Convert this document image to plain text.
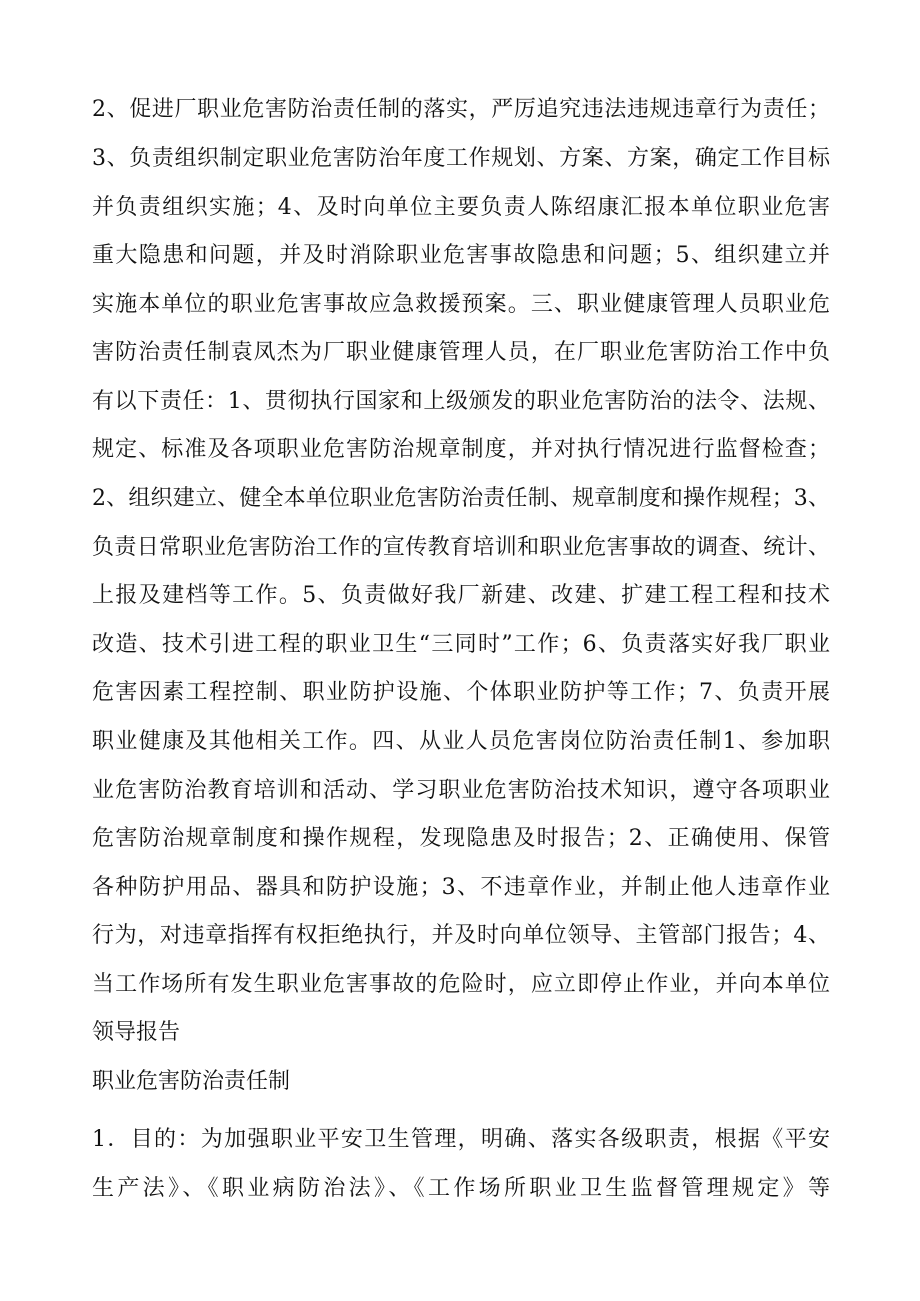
2、促进厂职业危害防治责任制的落实，严厉追究违法违规违章行为责任；

3、负责组织制定职业危害防治年度工作规划、方案、方案，确定工作目标

并负责组织实施；4、及时向单位主要负责人陈绍康汇报本单位职业危害

重大隐患和问题，并及时消除职业危害事故隐患和问题；5、组织建立并

实施本单位的职业危害事故应急救援预案。三、职业健康管理人员职业危

害防治责任制袁凤杰为厂职业健康管理人员，在厂职业危害防治工作中负

有以下责任：1、贯彻执行国家和上级颁发的职业危害防治的法令、法规、

规定、标准及各项职业危害防治规章制度，并对执行情况进行监督检查；

2、组织建立、健全本单位职业危害防治责任制、规章制度和操作规程；3、

负责日常职业危害防治工作的宣传教育培训和职业危害事故的调查、统计、

上报及建档等工作。5、负责做好我厂新建、改建、扩建工程工程和技术

改造、技术引进工程的职业卫生“三同时”工作；6、负责落实好我厂职业

危害因素工程控制、职业防护设施、个体职业防护等工作；7、负责开展

职业健康及其他相关工作。四、从业人员危害岗位防治责任制1、参加职

业危害防治教育培训和活动、学习职业危害防治技术知识，遵守各项职业

危害防治规章制度和操作规程，发现隐患及时报告；2、正确使用、保管

各种防护用品、器具和防护设施；3、不违章作业，并制止他人违章作业

行为，对违章指挥有权拒绝执行，并及时向单位领导、主管部门报告；4、

当工作场所有发生职业危害事故的危险时，应立即停止作业，并向本单位

领导报告

职业危害防治责任制

1．目的：为加强职业平安卫生管理，明确、落实各级职责，根据《平安

生产法》、《职业病防治法》、《工作场所职业卫生监督管理规定》等
